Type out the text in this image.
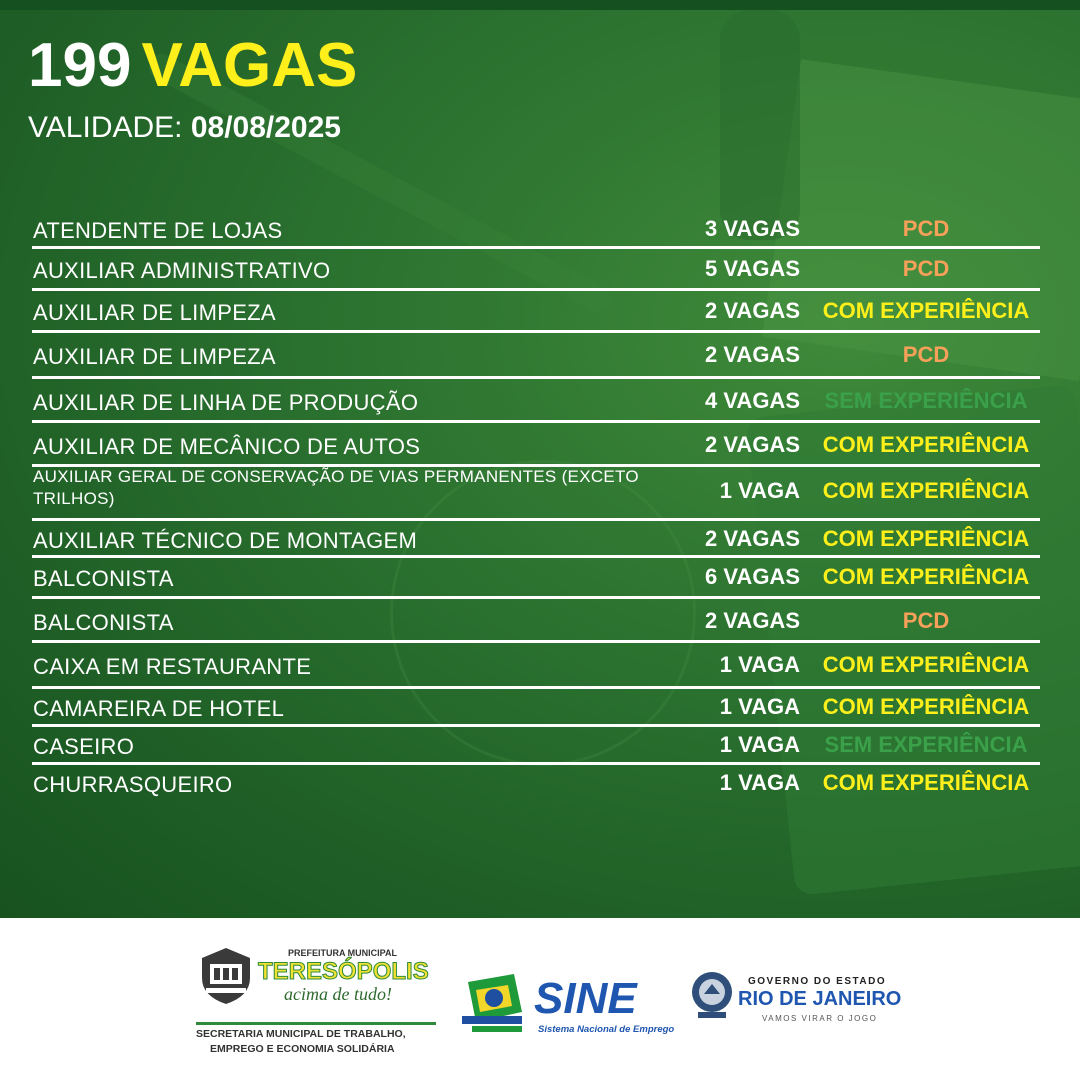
199 VAGAS
VALIDADE: 08/08/2025
ATENDENTE DE LOJAS	3 VAGAS	PCD
AUXILIAR ADMINISTRATIVO	5 VAGAS	PCD
AUXILIAR DE LIMPEZA	2 VAGAS	COM EXPERIÊNCIA
AUXILIAR DE LIMPEZA	2 VAGAS	PCD
AUXILIAR DE LINHA DE PRODUÇÃO	4 VAGAS	SEM EXPERIÊNCIA
AUXILIAR DE MECÂNICO DE AUTOS	2 VAGAS	COM EXPERIÊNCIA
AUXILIAR GERAL DE CONSERVAÇÃO DE VIAS PERMANENTES (EXCETO TRILHOS)	1 VAGA	COM EXPERIÊNCIA
AUXILIAR TÉCNICO DE MONTAGEM	2 VAGAS	COM EXPERIÊNCIA
BALCONISTA	6 VAGAS	COM EXPERIÊNCIA
BALCONISTA	2 VAGAS	PCD
CAIXA EM RESTAURANTE	1 VAGA	COM EXPERIÊNCIA
CAMAREIRA DE HOTEL	1 VAGA	COM EXPERIÊNCIA
CASEIRO	1 VAGA	SEM EXPERIÊNCIA
CHURRASQUEIRO	1 VAGA	COM EXPERIÊNCIA
PREFEITURA MUNICIPAL
TERESÓPOLIS
acima de tudo!
SECRETARIA MUNICIPAL DE TRABALHO,
EMPREGO E ECONOMIA SOLIDÁRIA
SINE
Sistema Nacional de Emprego
GOVERNO DO ESTADO
RIO DE JANEIRO
VAMOS VIRAR O JOGO
